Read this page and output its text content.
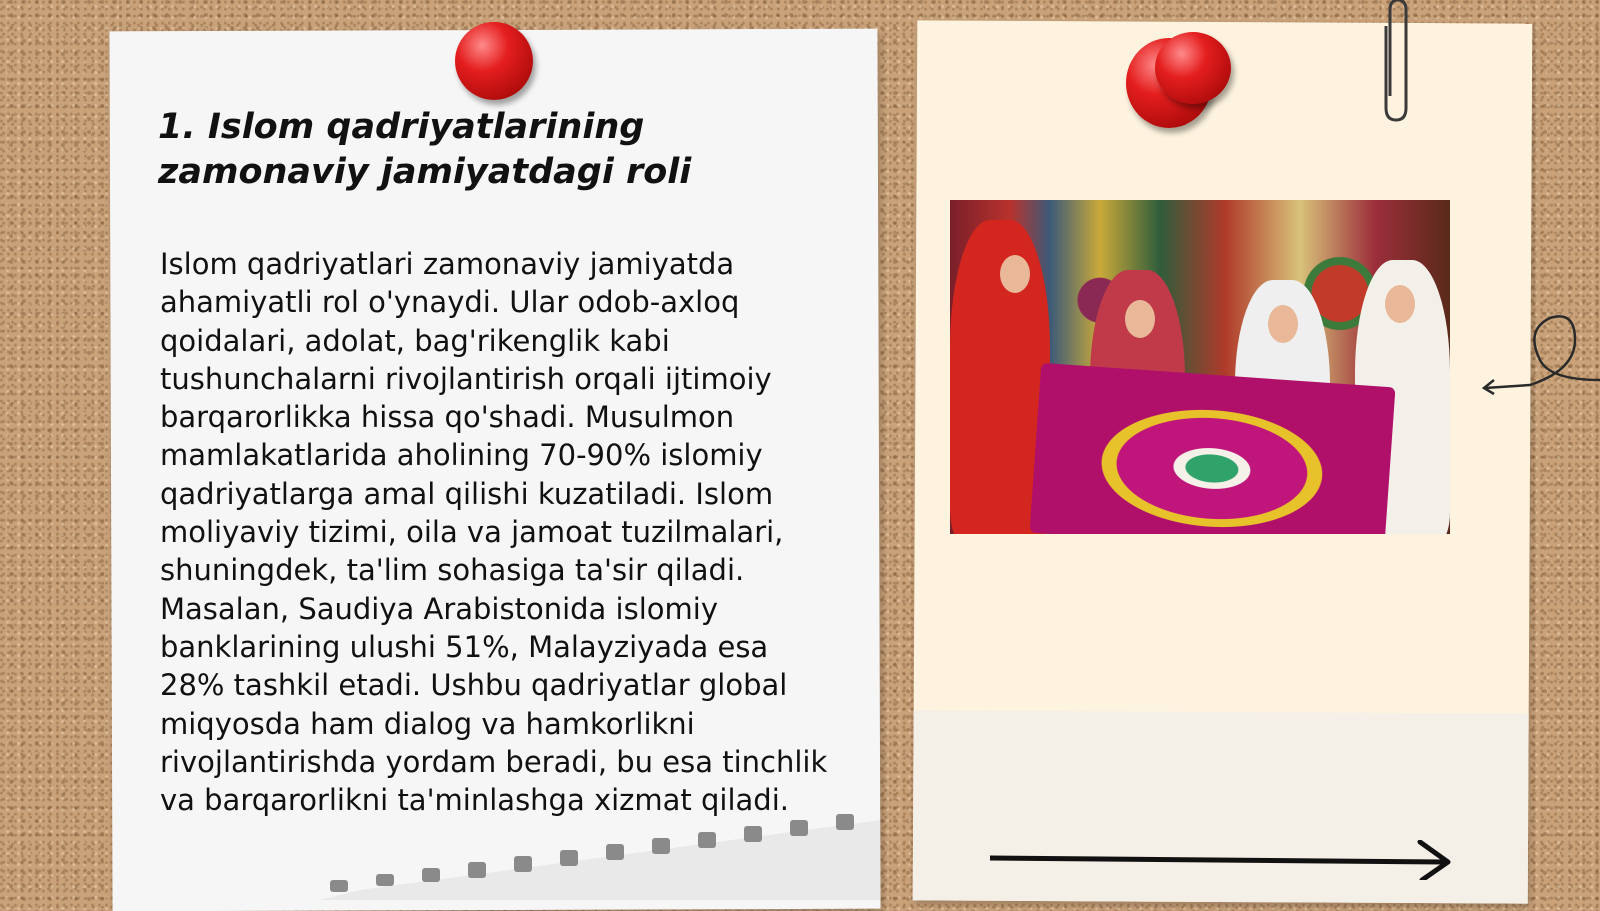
1. Islom qadriyatlarining zamonaviy jamiyatdagi roli

Islom qadriyatlari zamonaviy jamiyatda ahamiyatli rol o'ynaydi. Ular odob-axloq qoidalari, adolat, bag'rikenglik kabi tushunchalarni rivojlantirish orqali ijtimoiy barqarorlikka hissa qo'shadi. Musulmon mamlakatlarida aholining 70-90% islomiy qadriyatlarga amal qilishi kuzatiladi. Islom moliyaviy tizimi, oila va jamoat tuzilmalari, shuningdek, ta'lim sohasiga ta'sir qiladi. Masalan, Saudiya Arabistonida islomiy banklarining ulushi 51%, Malayziyada esa 28% tashkil etadi. Ushbu qadriyatlar global miqyosda ham dialog va hamkorlikni rivojlantirishda yordam beradi, bu esa tinchlik va barqarorlikni ta'minlashga xizmat qiladi.
